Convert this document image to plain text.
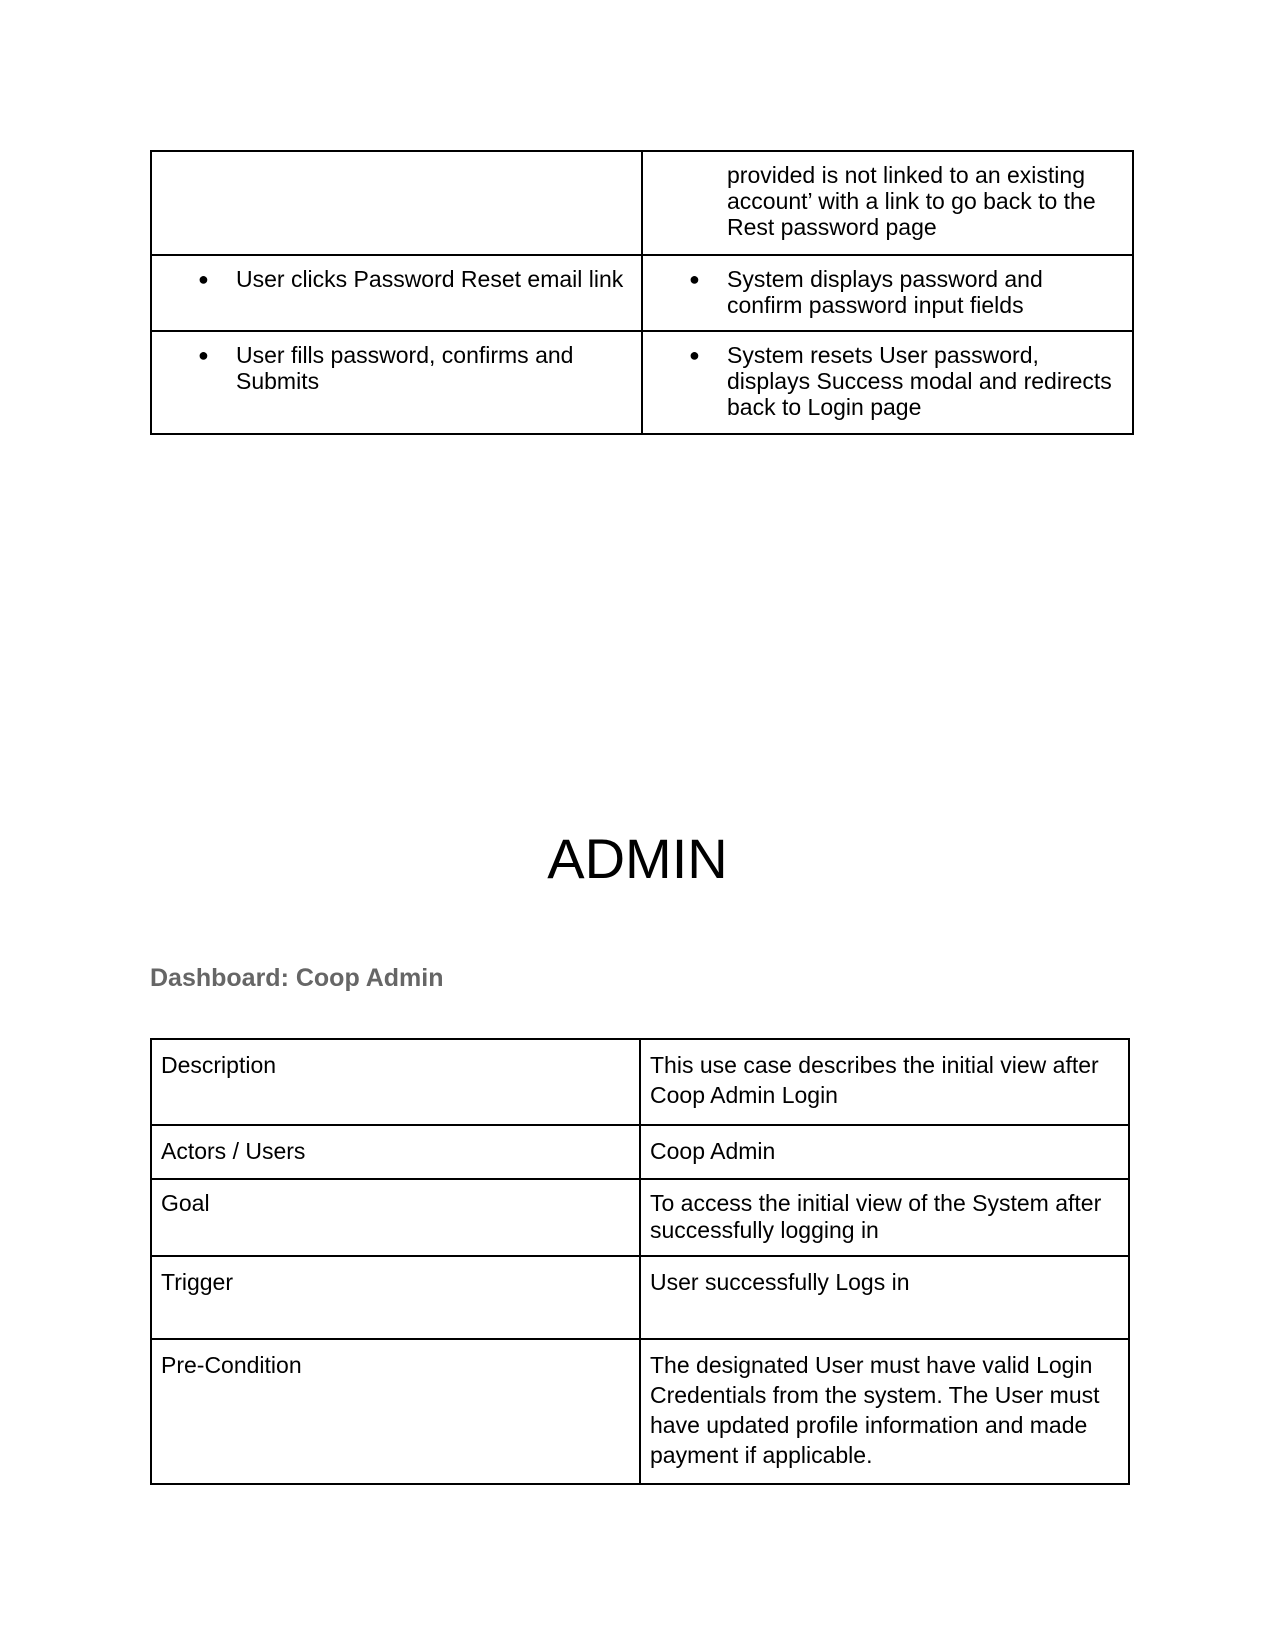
	provided is not linked to an existing account’ with a link to go back to the Rest password page

● User clicks Password Reset email link	● System displays password and confirm password input fields

● User fills password, confirms and Submits	● System resets User password, displays Success modal and redirects back to Login page
ADMIN
Dashboard: Coop Admin
Description	This use case describes the initial view after Coop Admin Login
Actors / Users	Coop Admin
Goal	To access the initial view of the System after successfully logging in
Trigger	User successfully Logs in
Pre-Condition	The designated User must have valid Login Credentials from the system. The User must have updated profile information and made payment if applicable.
